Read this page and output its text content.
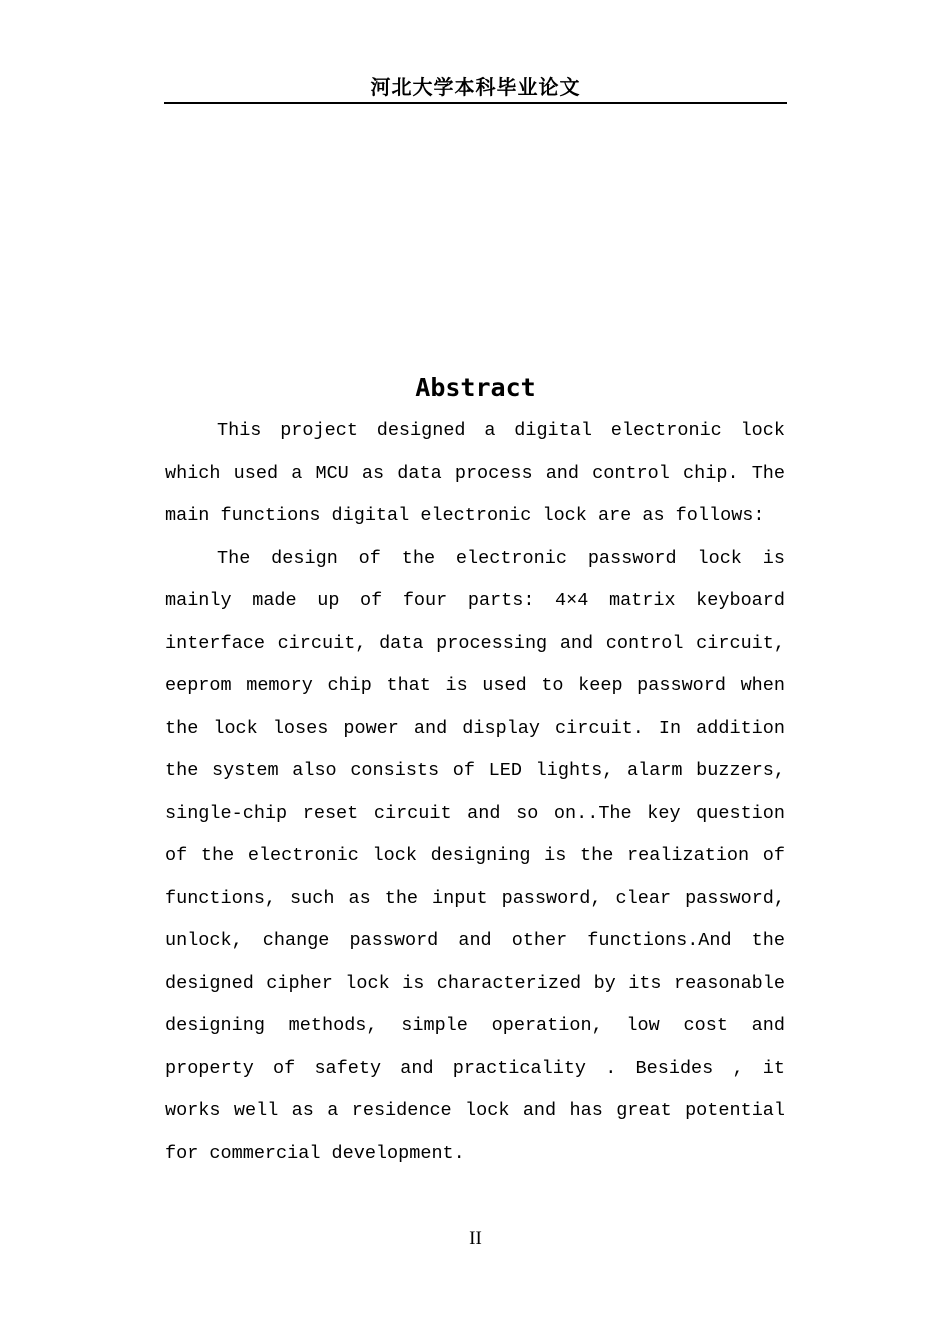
河北大学本科毕业论文
Abstract

This project designed a digital electronic lock which used a MCU as data process and control chip. The main functions digital electronic lock are as follows:

The design of the electronic password lock is mainly made up of four parts: 4×4 matrix keyboard interface circuit, data processing and control circuit, eeprom memory chip that is used to keep password when the lock loses power and display circuit. In addition the system also consists of LED lights, alarm buzzers, single-chip reset circuit and so on..The key question of the electronic lock designing is the realization of functions, such as the input password, clear password, unlock, change password and other functions.And the designed cipher lock is characterized by its reasonable designing methods, simple operation, low cost and property of safety and practicality . Besides , it works well as a residence lock and has great potential for commercial development.

II
